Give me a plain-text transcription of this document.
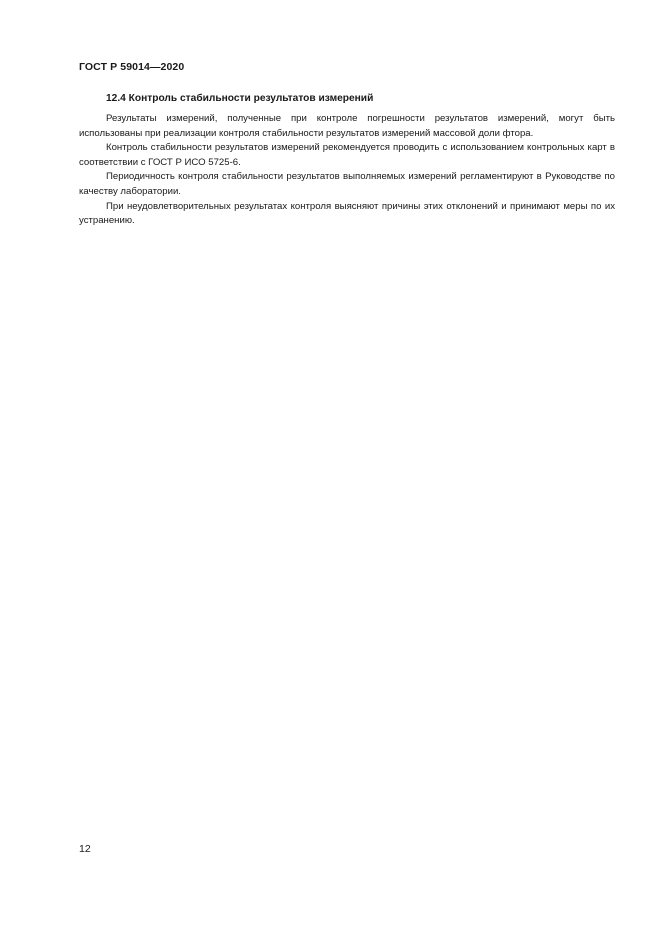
ГОСТ Р 59014—2020
12.4 Контроль стабильности результатов измерений

Результаты измерений, полученные при контроле погрешности результатов измерений, могут быть использованы при реализации контроля стабильности результатов измерений массовой доли фтора.

Контроль стабильности результатов измерений рекомендуется проводить с использованием контрольных карт в соответствии с ГОСТ Р ИСО 5725-6.

Периодичность контроля стабильности результатов выполняемых измерений регламентируют в Руководстве по качеству лаборатории.

При неудовлетворительных результатах контроля выясняют причины этих отклонений и принимают меры по их устранению.

12
